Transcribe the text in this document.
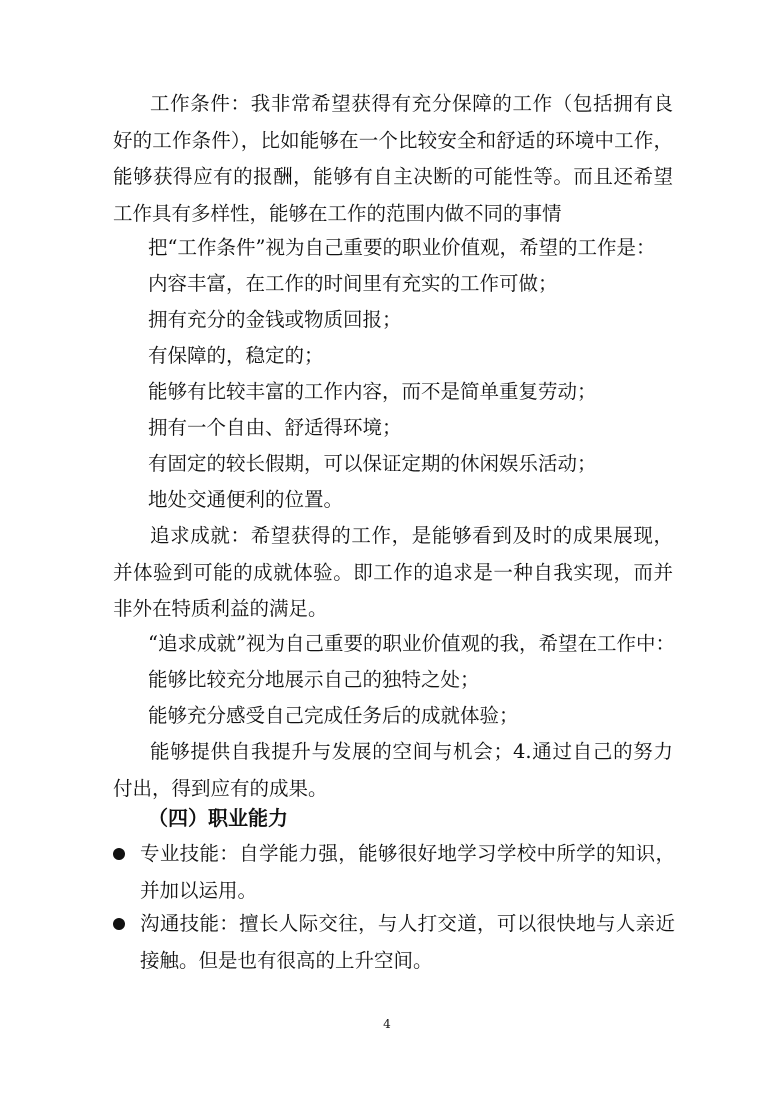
工作条件：我非常希望获得有充分保障的工作（包括拥有良好的工作条件），比如能够在一个比较安全和舒适的环境中工作，能够获得应有的报酬，能够有自主决断的可能性等。而且还希望工作具有多样性，能够在工作的范围内做不同的事情

把“工作条件”视为自己重要的职业价值观，希望的工作是：

内容丰富，在工作的时间里有充实的工作可做；

拥有充分的金钱或物质回报；

有保障的，稳定的；

能够有比较丰富的工作内容，而不是简单重复劳动；

拥有一个自由、舒适得环境；

有固定的较长假期，可以保证定期的休闲娱乐活动；

地处交通便利的位置。

追求成就：希望获得的工作，是能够看到及时的成果展现，并体验到可能的成就体验。即工作的追求是一种自我实现，而并非外在特质利益的满足。

“追求成就”视为自己重要的职业价值观的我，希望在工作中：

能够比较充分地展示自己的独特之处；

能够充分感受自己完成任务后的成就体验；

能够提供自我提升与发展的空间与机会；4.通过自己的努力付出，得到应有的成果。

（四）职业能力

专业技能：自学能力强，能够很好地学习学校中所学的知识，并加以运用。

沟通技能：擅长人际交往，与人打交道，可以很快地与人亲近接触。但是也有很高的上升空间。

4
